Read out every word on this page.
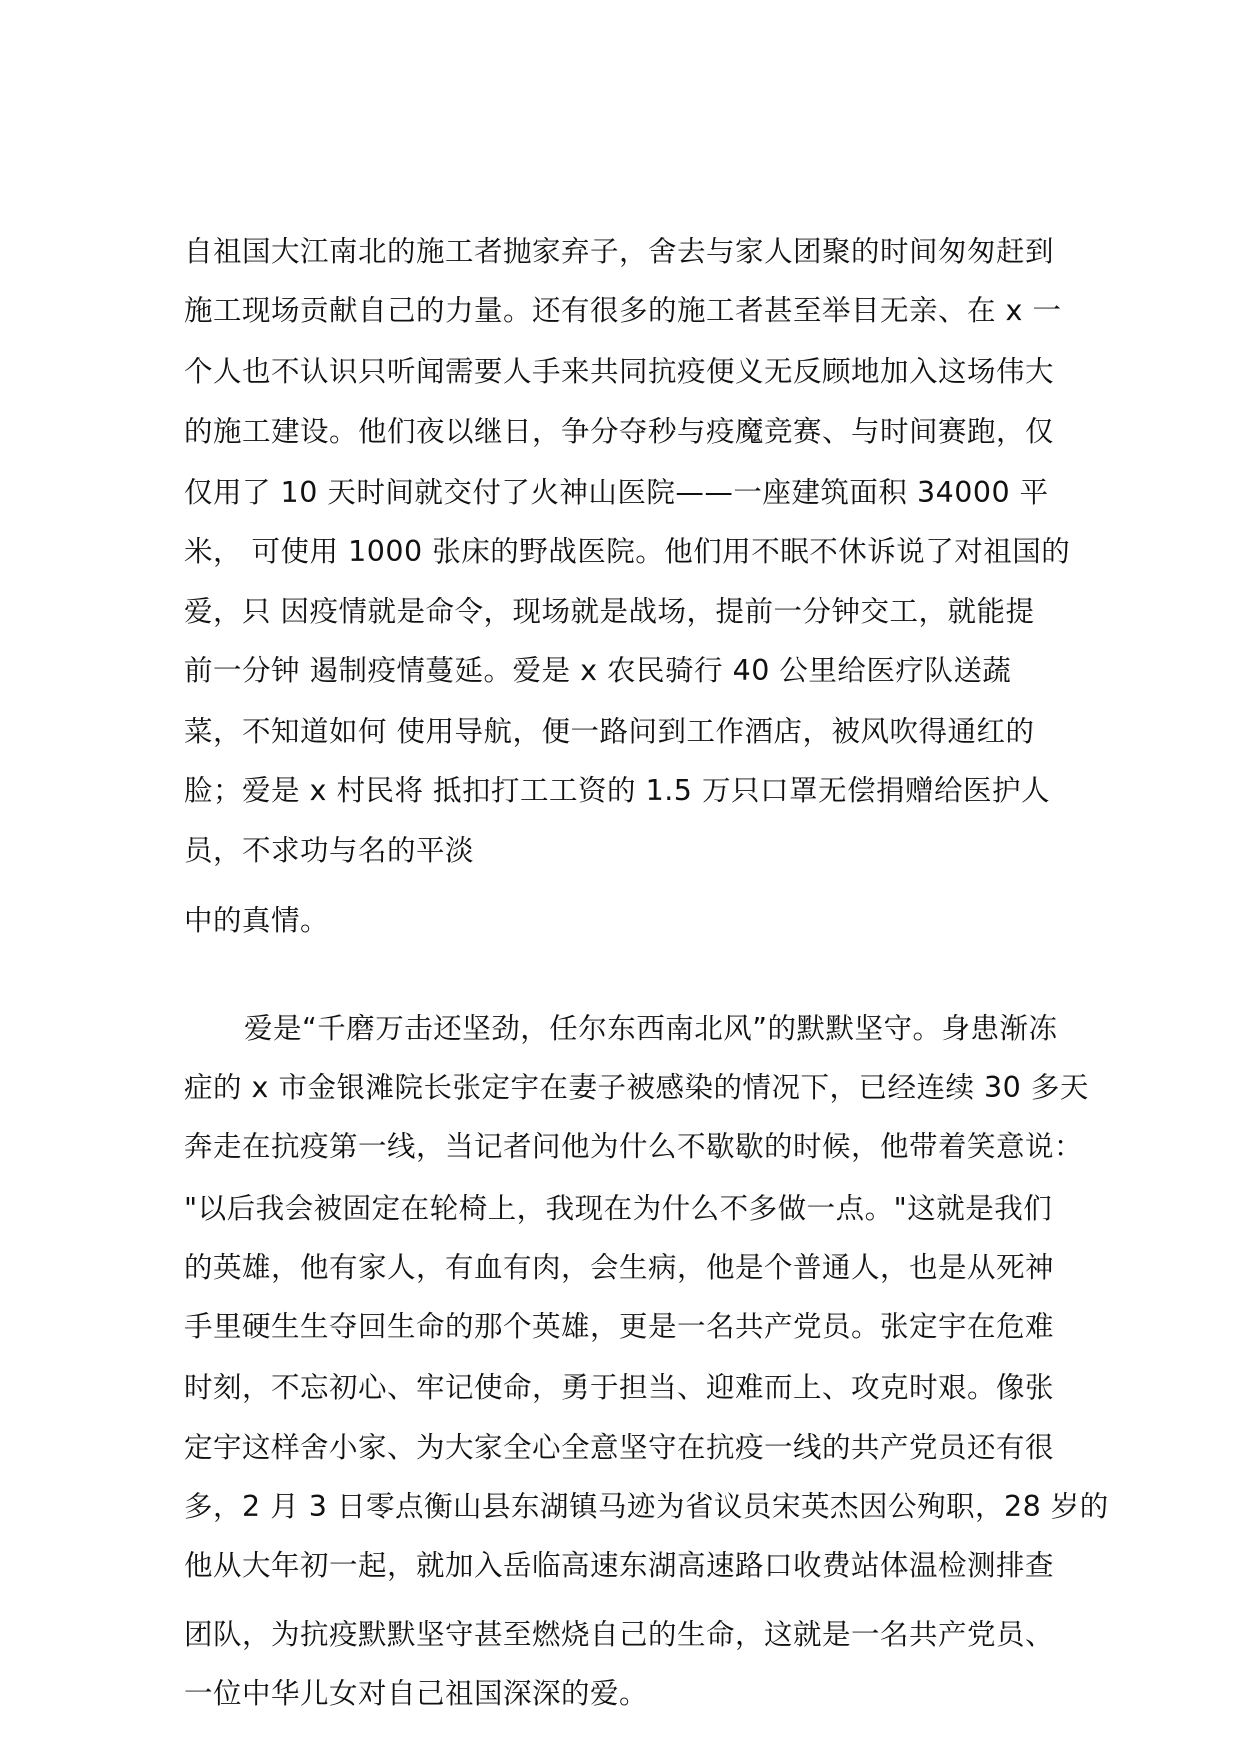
自祖国大江南北的施工者抛家弃子，舍去与家人团聚的时间匆匆赶到

施工现场贡献自己的力量。还有很多的施工者甚至举目无亲、在 x 一

个人也不认识只听闻需要人手来共同抗疫便义无反顾地加入这场伟大

的施工建设。他们夜以继日，争分夺秒与疫魔竞赛、与时间赛跑，仅

仅用了 10 天时间就交付了火神山医院——一座建筑面积 34000 平

米， 可使用 1000 张床的野战医院。他们用不眠不休诉说了对祖国的

爱，只 因疫情就是命令，现场就是战场，提前一分钟交工，就能提

前一分钟 遏制疫情蔓延。爱是 x 农民骑行 40 公里给医疗队送蔬

菜，不知道如何 使用导航，便一路问到工作酒店，被风吹得通红的

脸；爱是 x 村民将 抵扣打工工资的 1.5 万只口罩无偿捐赠给医护人

员，不求功与名的平淡

中的真情。

爱是“千磨万击还坚劲，任尔东西南北风”的默默坚守。身患渐冻

症的 x 市金银滩院长张定宇在妻子被感染的情况下，已经连续 30 多天

奔走在抗疫第一线，当记者问他为什么不歇歇的时候，他带着笑意说：

"以后我会被固定在轮椅上，我现在为什么不多做一点。"这就是我们

的英雄，他有家人，有血有肉，会生病，他是个普通人，也是从死神

手里硬生生夺回生命的那个英雄，更是一名共产党员。张定宇在危难

时刻，不忘初心、牢记使命，勇于担当、迎难而上、攻克时艰。像张

定宇这样舍小家、为大家全心全意坚守在抗疫一线的共产党员还有很

多，2 月 3 日零点衡山县东湖镇马迹为省议员宋英杰因公殉职，28 岁的

他从大年初一起，就加入岳临高速东湖高速路口收费站体温检测排查

团队，为抗疫默默坚守甚至燃烧自己的生命，这就是一名共产党员、

一位中华儿女对自己祖国深深的爱。
